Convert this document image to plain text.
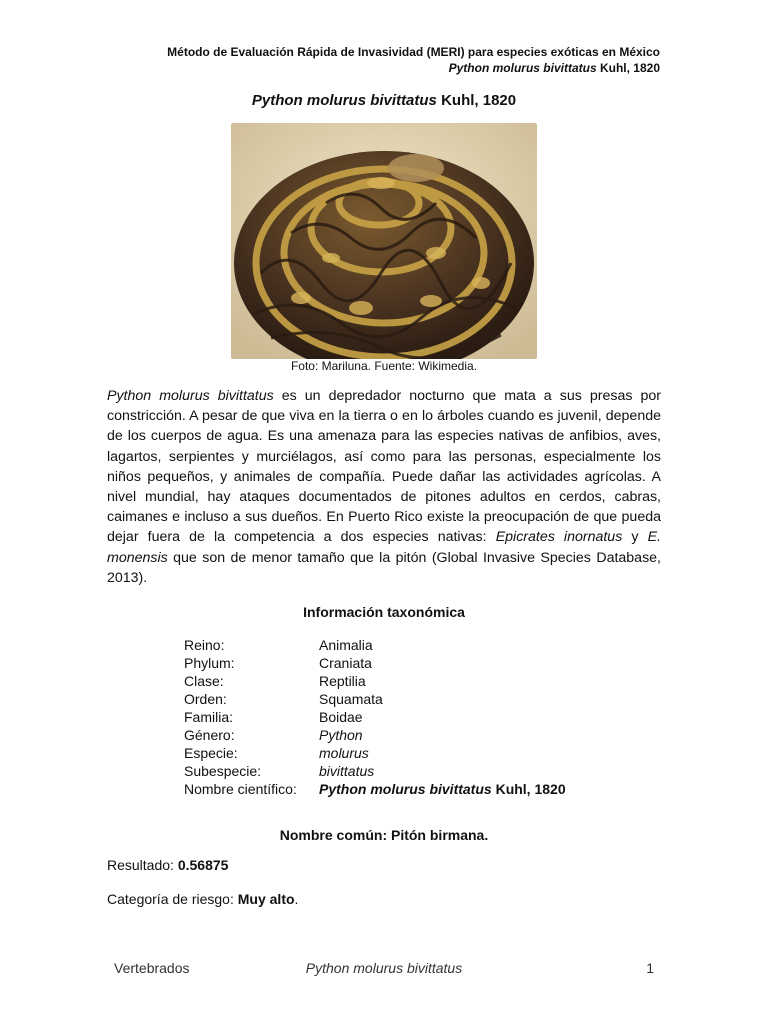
Método de Evaluación Rápida de Invasividad (MERI) para especies exóticas en México
Python molurus bivittatus Kuhl, 1820
Python molurus bivittatus Kuhl, 1820
Foto: Mariluna. Fuente: Wikimedia.
Python molurus bivittatus es un depredador nocturno que mata a sus presas por constricción. A pesar de que viva en la tierra o en lo árboles cuando es juvenil, depende de los cuerpos de agua. Es una amenaza para las especies nativas de anfibios, aves, lagartos, serpientes y murciélagos, así como para las personas, especialmente los niños pequeños, y animales de compañía. Puede dañar las actividades agrícolas. A nivel mundial, hay ataques documentados de pitones adultos en cerdos, cabras, caimanes e incluso a sus dueños. En Puerto Rico existe la preocupación de que pueda dejar fuera de la competencia a dos especies nativas: Epicrates inornatus y E. monensis que son de menor tamaño que la pitón (Global Invasive Species Database, 2013).
Información taxonómica
Reino:	Animalia
Phylum:	Craniata
Clase:	Reptilia
Orden:	Squamata
Familia:	Boidae
Género:	Python
Especie:	molurus
Subespecie:	bivittatus
Nombre científico:	Python molurus bivittatus Kuhl, 1820
Nombre común: Pitón birmana.
Resultado: 0.56875
Categoría de riesgo: Muy alto.
Python molurus bivittatus
Vertebrados	1
